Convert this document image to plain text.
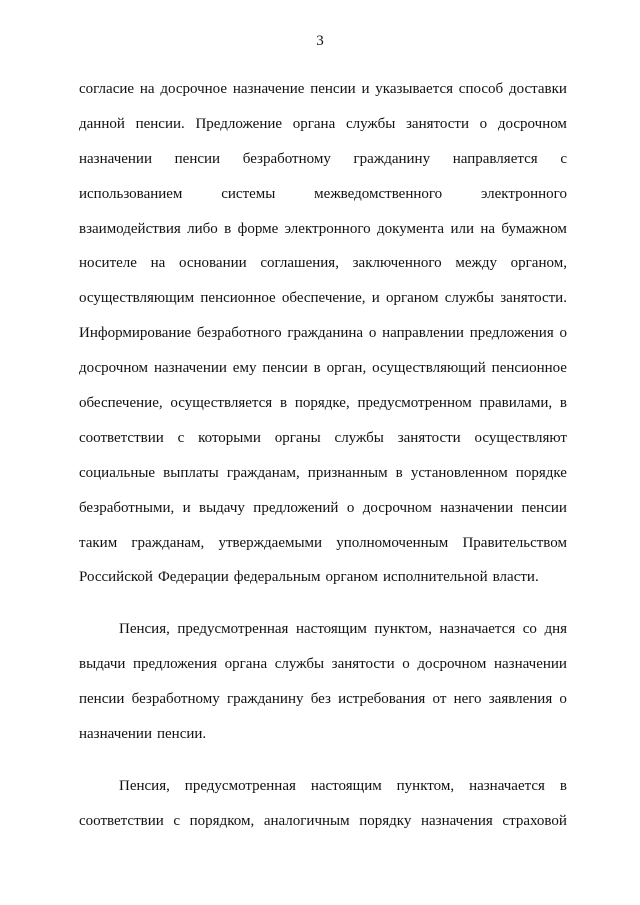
3
согласие на досрочное назначение пенсии и указывается способ доставки
данной пенсии. Предложение органа службы занятости о досрочном
назначении пенсии безработному гражданину направляется с
использованием	системы	межведомственного	электронного
взаимодействия либо в форме электронного документа или на бумажном
носителе на основании соглашения, заключенного между органом,
осуществляющим пенсионное обеспечение, и органом службы занятости.
Информирование безработного гражданина о направлении предложения о
досрочном назначении ему пенсии в орган, осуществляющий пенсионное
обеспечение, осуществляется в порядке, предусмотренном правилами, в
соответствии с которыми органы службы занятости осуществляют
социальные выплаты гражданам, признанным в установленном порядке
безработными, и выдачу предложений о досрочном назначении пенсии
таким гражданам, утверждаемыми уполномоченным Правительством
Российской Федерации федеральным органом исполнительной власти.
Пенсия, предусмотренная настоящим пунктом, назначается со дня
выдачи предложения органа службы занятости о досрочном назначении
пенсии безработному гражданину без истребования от него заявления о
назначении пенсии.
Пенсия, предусмотренная настоящим пунктом, назначается в
соответствии с порядком, аналогичным порядку назначения страховой
